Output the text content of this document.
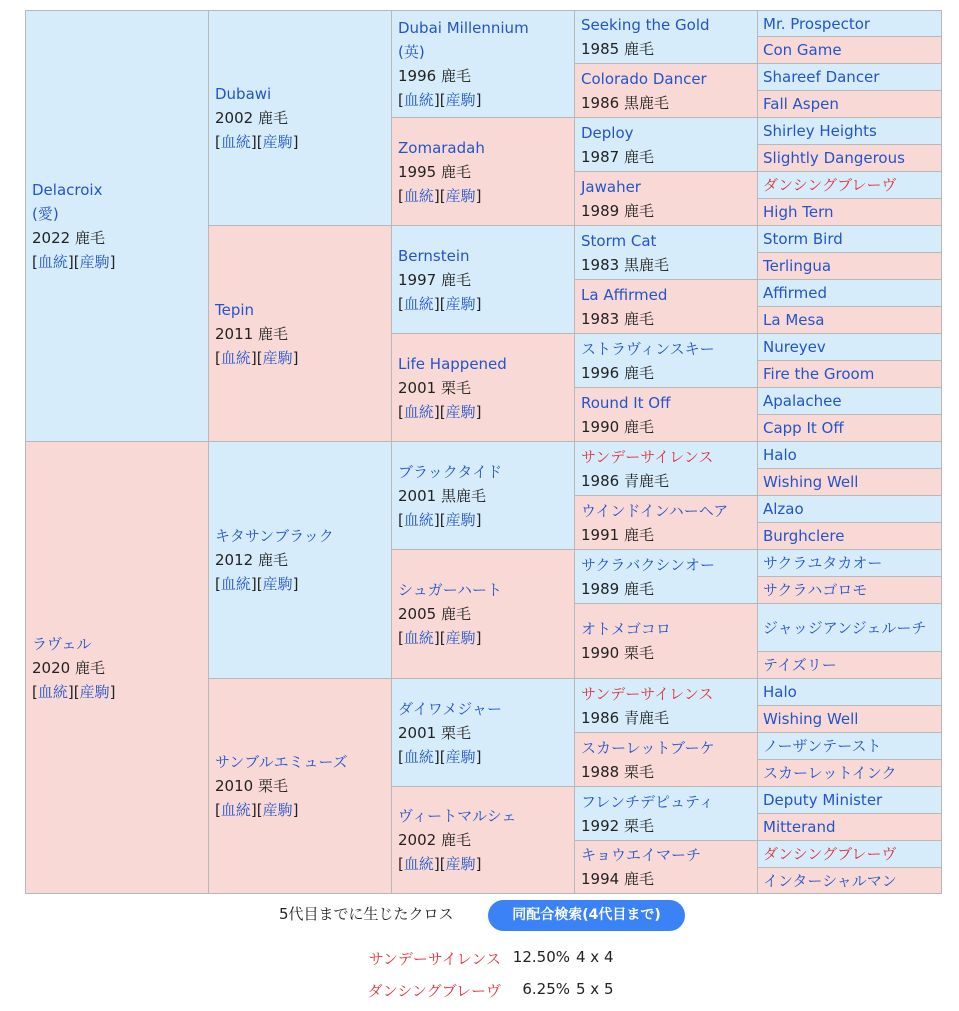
Delacroix
(愛)
2022 鹿毛
[血統][産駒]	Dubawi
2002 鹿毛
[血統][産駒]	Dubai Millennium
(英)
1996 鹿毛
[血統][産駒]	Seeking the Gold
1985 鹿毛	Mr. Prospector
				Con Game
			Colorado Dancer
1986 黒鹿毛	Shareef Dancer
				Fall Aspen
		Zomaradah
1995 鹿毛
[血統][産駒]	Deploy
1987 鹿毛	Shirley Heights
				Slightly Dangerous
			Jawaher
1989 鹿毛	ダンシングブレーヴ
				High Tern
	Tepin
2011 鹿毛
[血統][産駒]	Bernstein
1997 鹿毛
[血統][産駒]	Storm Cat
1983 黒鹿毛	Storm Bird
				Terlingua
			La Affirmed
1983 鹿毛	Affirmed
				La Mesa
		Life Happened
2001 栗毛
[血統][産駒]	ストラヴィンスキー
1996 鹿毛	Nureyev
				Fire the Groom
			Round It Off
1990 鹿毛	Apalachee
				Capp It Off
ラヴェル
2020 鹿毛
[血統][産駒]	キタサンブラック
2012 鹿毛
[血統][産駒]	ブラックタイド
2001 黒鹿毛
[血統][産駒]	サンデーサイレンス
1986 青鹿毛	Halo
				Wishing Well
			ウインドインハーヘア
1991 鹿毛	Alzao
				Burghclere
		シュガーハート
2005 鹿毛
[血統][産駒]	サクラバクシンオー
1989 鹿毛	サクラユタカオー
				サクラハゴロモ
			オトメゴコロ
1990 栗毛	ジャッジアンジェルーチ
				テイズリー
	サンブルエミューズ
2010 栗毛
[血統][産駒]	ダイワメジャー
2001 栗毛
[血統][産駒]	サンデーサイレンス
1986 青鹿毛	Halo
				Wishing Well
			スカーレットブーケ
1988 栗毛	ノーザンテースト
				スカーレットインク
		ヴィートマルシェ
2002 鹿毛
[血統][産駒]	フレンチデピュティ
1992 栗毛	Deputy Minister
				Mitterand
			キョウエイマーチ
1994 鹿毛	ダンシングブレーヴ
				インターシャルマン
5代目までに生じたクロス	同配合検索(4代目まで)
サンデーサイレンス 12.50% 4 x 4
ダンシングブレーヴ 6.25% 5 x 5
